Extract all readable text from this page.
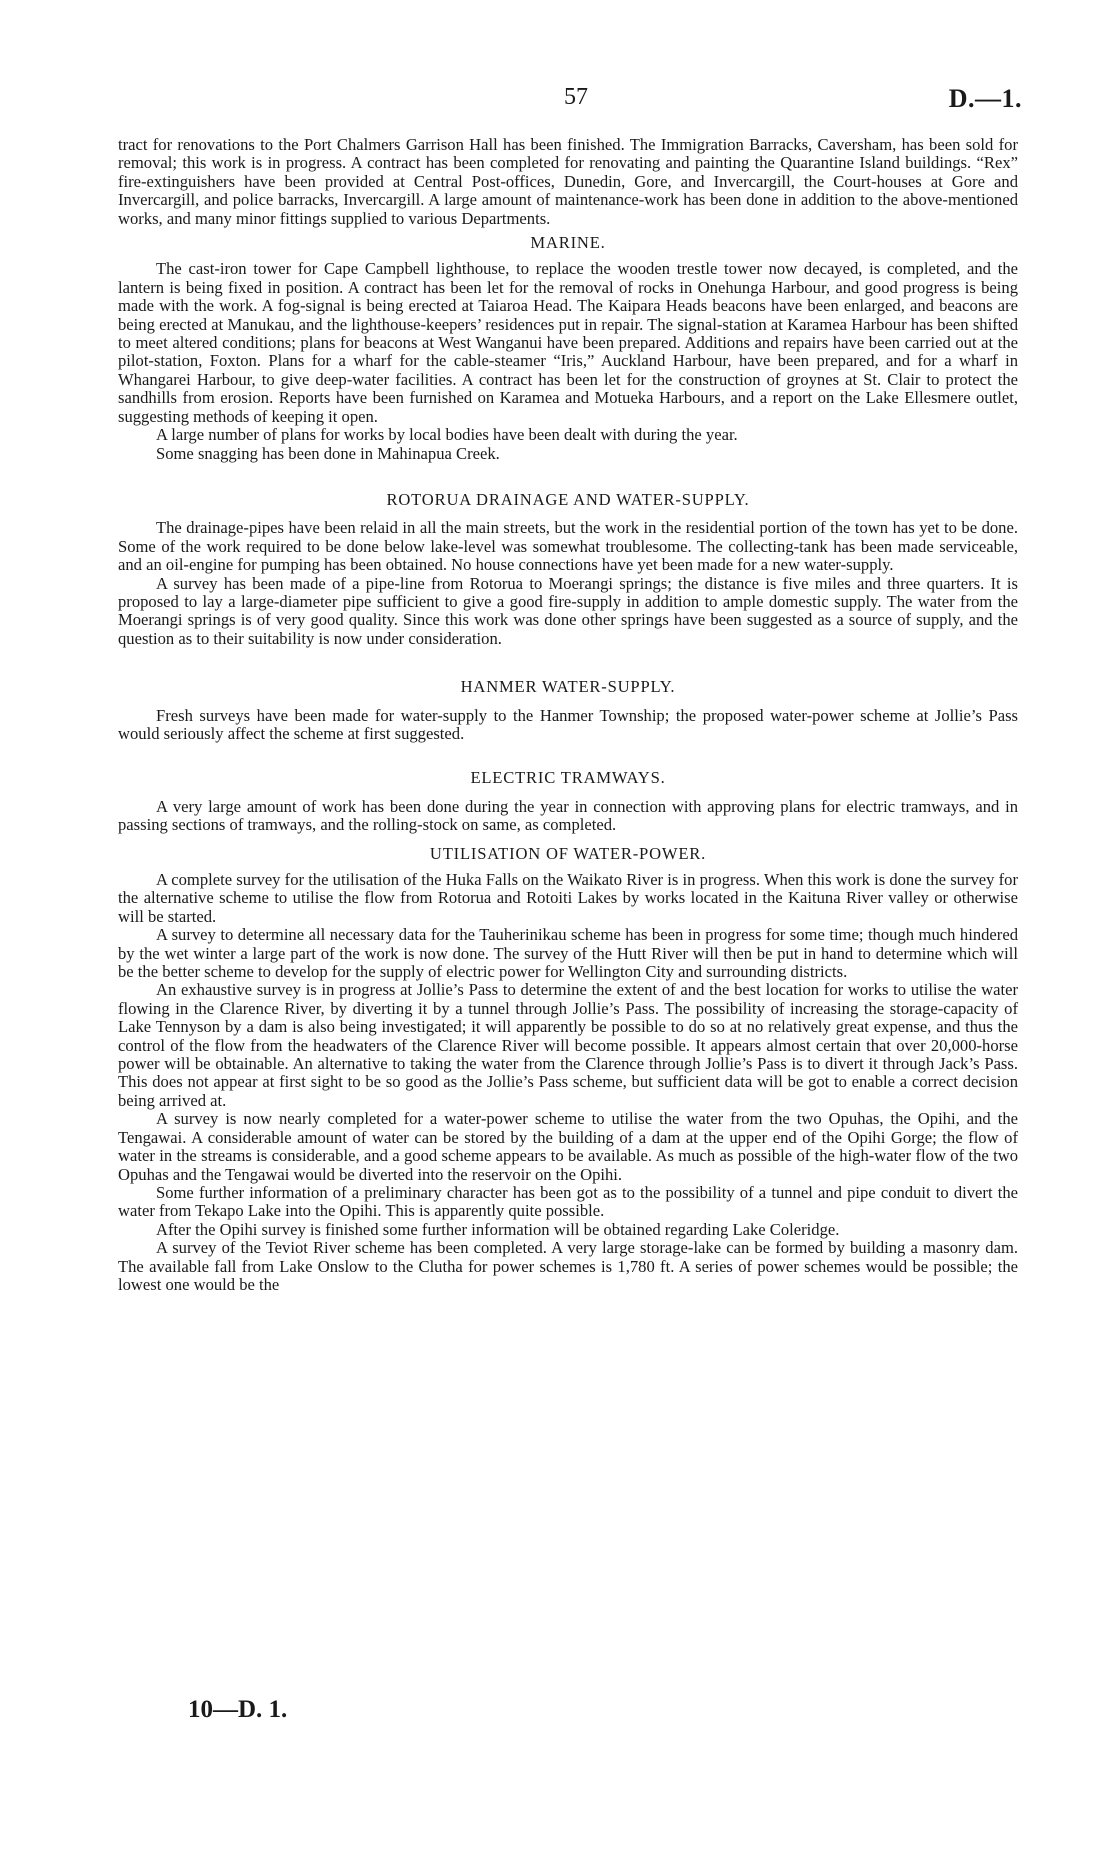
57	D.—1.

tract for renovations to the Port Chalmers Garrison Hall has been finished. The Immigration Barracks, Caversham, has been sold for removal; this work is in progress. A contract has been completed for renovating and painting the Quarantine Island buildings. “Rex” fire-extinguishers have been provided at Central Post-offices, Dunedin, Gore, and Invercargill, the Court-houses at Gore and Invercargill, and police barracks, Invercargill. A large amount of maintenance-work has been done in addition to the above-mentioned works, and many minor fittings supplied to various Departments.

MARINE.

The cast-iron tower for Cape Campbell lighthouse, to replace the wooden trestle tower now decayed, is completed, and the lantern is being fixed in position. A contract has been let for the removal of rocks in Onehunga Harbour, and good progress is being made with the work. A fog-signal is being erected at Taiaroa Head. The Kaipara Heads beacons have been enlarged, and beacons are being erected at Manukau, and the lighthouse-keepers’ residences put in repair. The signal-station at Karamea Harbour has been shifted to meet altered conditions; plans for beacons at West Wanganui have been prepared. Additions and repairs have been carried out at the pilot-station, Foxton. Plans for a wharf for the cable-steamer “Iris,” Auckland Harbour, have been prepared, and for a wharf in Whangarei Harbour, to give deep-water facilities. A contract has been let for the construction of groynes at St. Clair to protect the sandhills from erosion. Reports have been furnished on Karamea and Motueka Harbours, and a report on the Lake Ellesmere outlet, suggesting methods of keeping it open.

A large number of plans for works by local bodies have been dealt with during the year.

Some snagging has been done in Mahinapua Creek.

ROTORUA DRAINAGE AND WATER-SUPPLY.

The drainage-pipes have been relaid in all the main streets, but the work in the residential portion of the town has yet to be done. Some of the work required to be done below lake-level was somewhat troublesome. The collecting-tank has been made serviceable, and an oil-engine for pumping has been obtained. No house connections have yet been made for a new water-supply.

A survey has been made of a pipe-line from Rotorua to Moerangi springs; the distance is five miles and three quarters. It is proposed to lay a large-diameter pipe sufficient to give a good fire-supply in addition to ample domestic supply. The water from the Moerangi springs is of very good quality. Since this work was done other springs have been suggested as a source of supply, and the question as to their suitability is now under consideration.

HANMER WATER-SUPPLY.

Fresh surveys have been made for water-supply to the Hanmer Township; the proposed water-power scheme at Jollie’s Pass would seriously affect the scheme at first suggested.

ELECTRIC TRAMWAYS.

A very large amount of work has been done during the year in connection with approving plans for electric tramways, and in passing sections of tramways, and the rolling-stock on same, as completed.

UTILISATION OF WATER-POWER.

A complete survey for the utilisation of the Huka Falls on the Waikato River is in progress. When this work is done the survey for the alternative scheme to utilise the flow from Rotorua and Rotoiti Lakes by works located in the Kaituna River valley or otherwise will be started.

A survey to determine all necessary data for the Tauherinikau scheme has been in progress for some time; though much hindered by the wet winter a large part of the work is now done. The survey of the Hutt River will then be put in hand to determine which will be the better scheme to develop for the supply of electric power for Wellington City and surrounding districts.

An exhaustive survey is in progress at Jollie’s Pass to determine the extent of and the best location for works to utilise the water flowing in the Clarence River, by diverting it by a tunnel through Jollie’s Pass. The possibility of increasing the storage-capacity of Lake Tennyson by a dam is also being investigated; it will apparently be possible to do so at no relatively great expense, and thus the control of the flow from the headwaters of the Clarence River will become possible. It appears almost certain that over 20,000-horse power will be obtainable. An alternative to taking the water from the Clarence through Jollie’s Pass is to divert it through Jack’s Pass. This does not appear at first sight to be so good as the Jollie’s Pass scheme, but sufficient data will be got to enable a correct decision being arrived at.

A survey is now nearly completed for a water-power scheme to utilise the water from the two Opuhas, the Opihi, and the Tengawai. A considerable amount of water can be stored by the building of a dam at the upper end of the Opihi Gorge; the flow of water in the streams is considerable, and a good scheme appears to be available. As much as possible of the high-water flow of the two Opuhas and the Tengawai would be diverted into the reservoir on the Opihi.

Some further information of a preliminary character has been got as to the possibility of a tunnel and pipe conduit to divert the water from Tekapo Lake into the Opihi. This is apparently quite possible.

After the Opihi survey is finished some further information will be obtained regarding Lake Coleridge.

A survey of the Teviot River scheme has been completed. A very large storage-lake can be formed by building a masonry dam. The available fall from Lake Onslow to the Clutha for power schemes is 1,780 ft. A series of power schemes would be possible; the lowest one would be the

10—D. 1.
